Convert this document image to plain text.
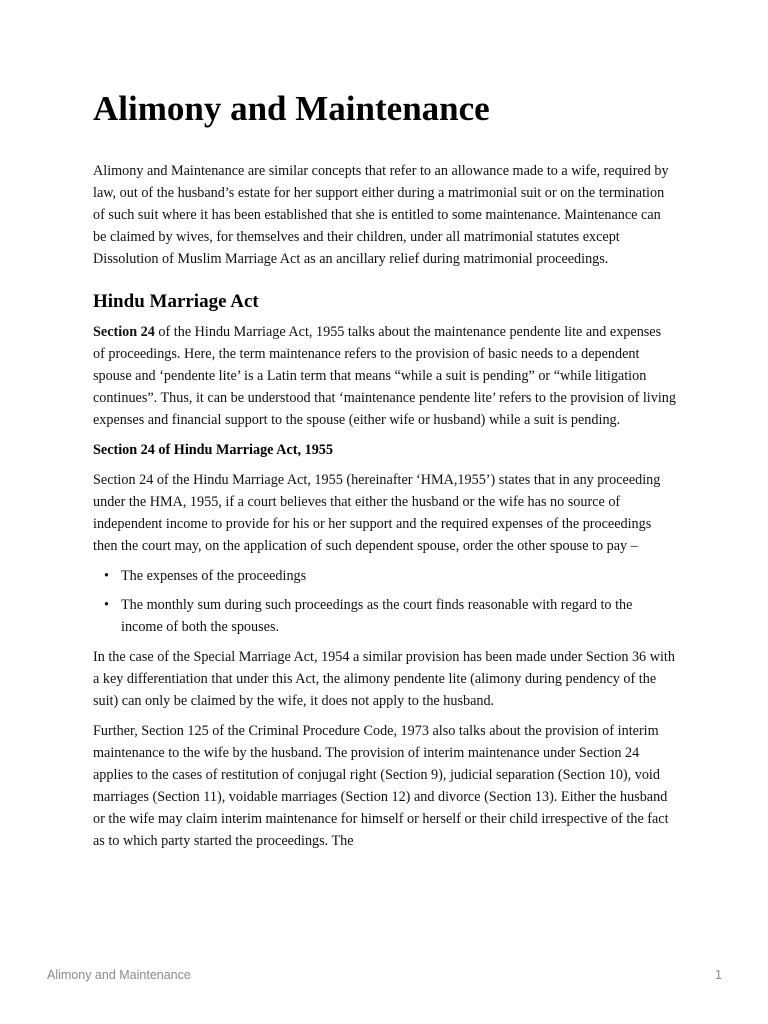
Alimony and Maintenance

Alimony and Maintenance are similar concepts that refer to an allowance made to a wife, required by law, out of the husband’s estate for her support either during a matrimonial suit or on the termination of such suit where it has been established that she is entitled to some maintenance. Maintenance can be claimed by wives, for themselves and their children, under all matrimonial statutes except Dissolution of Muslim Marriage Act as an ancillary relief during matrimonial proceedings.

Hindu Marriage Act

Section 24 of the Hindu Marriage Act, 1955 talks about the maintenance pendente lite and expenses of proceedings. Here, the term maintenance refers to the provision of basic needs to a dependent spouse and ‘pendente lite’ is a Latin term that means “while a suit is pending” or “while litigation continues”. Thus, it can be understood that ‘maintenance pendente lite’ refers to the provision of living expenses and financial support to the spouse (either wife or husband) while a suit is pending.

Section 24 of Hindu Marriage Act, 1955

Section 24 of the Hindu Marriage Act, 1955 (hereinafter ‘HMA,1955’) states that in any proceeding under the HMA, 1955, if a court believes that either the husband or the wife has no source of independent income to provide for his or her support and the required expenses of the proceedings then the court may, on the application of such dependent spouse, order the other spouse to pay –

• The expenses of the proceedings
• The monthly sum during such proceedings as the court finds reasonable with regard to the income of both the spouses.

In the case of the Special Marriage Act, 1954 a similar provision has been made under Section 36 with a key differentiation that under this Act, the alimony pendente lite (alimony during pendency of the suit) can only be claimed by the wife, it does not apply to the husband.

Further, Section 125 of the Criminal Procedure Code, 1973 also talks about the provision of interim maintenance to the wife by the husband. The provision of interim maintenance under Section 24 applies to the cases of restitution of conjugal right (Section 9), judicial separation (Section 10), void marriages (Section 11), voidable marriages (Section 12) and divorce (Section 13). Either the husband or the wife may claim interim maintenance for himself or herself or their child irrespective of the fact as to which party started the proceedings. The

Alimony and Maintenance	1
